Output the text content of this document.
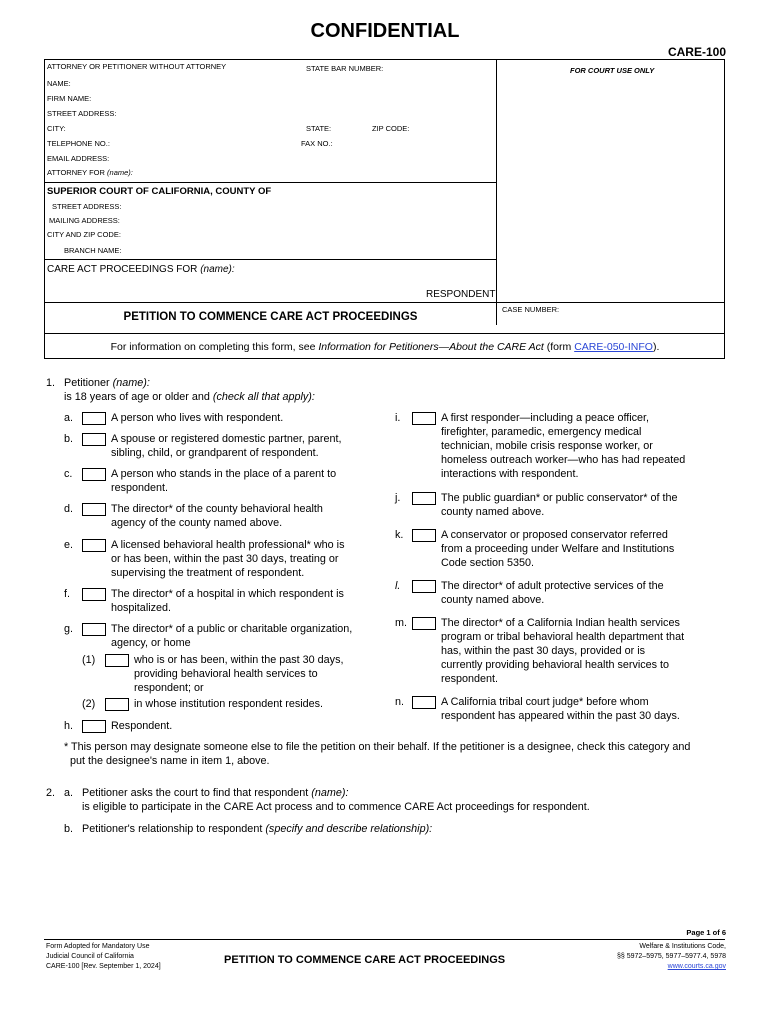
CONFIDENTIAL
CARE-100
ATTORNEY OR PETITIONER WITHOUT ATTORNEY	STATE BAR NUMBER:	FOR COURT USE ONLY
NAME:
FIRM NAME:
STREET ADDRESS:
CITY:	STATE:	ZIP CODE:
TELEPHONE NO.:	FAX NO.:
EMAIL ADDRESS:
ATTORNEY FOR (name):
SUPERIOR COURT OF CALIFORNIA, COUNTY OF
STREET ADDRESS:
MAILING ADDRESS:
CITY AND ZIP CODE:
BRANCH NAME:
CARE ACT PROCEEDINGS FOR (name):
RESPONDENT
PETITION TO COMMENCE CARE ACT PROCEEDINGS
CASE NUMBER:
For information on completing this form, see Information for Petitioners—About the CARE Act (form CARE-050-INFO).
1. Petitioner (name):
is 18 years of age or older and (check all that apply):
a.	A person who lives with respondent.
b.	A spouse or registered domestic partner, parent,
sibling, child, or grandparent of respondent.
c.	A person who stands in the place of a parent to
respondent.
d.	The director* of the county behavioral health
agency of the county named above.
e.	A licensed behavioral health professional* who is
or has been, within the past 30 days, treating or
supervising the treatment of respondent.
f.	The director* of a hospital in which respondent is
hospitalized.
g.	The director* of a public or charitable organization,
agency, or home
h.	Respondent.
(1)	who is or has been, within the past 30 days,
providing behavioral health services to
respondent; or
(2)	in whose institution respondent resides.
i.	A first responder—including a peace officer,
firefighter, paramedic, emergency medical
technician, mobile crisis response worker, or
homeless outreach worker—who has had repeated
interactions with respondent.
j.	The public guardian* or public conservator* of the
county named above.
k.	A conservator or proposed conservator referred
from a proceeding under Welfare and Institutions
Code section 5350.
l.	The director* of adult protective services of the
county named above.
m.	The director* of a California Indian health services
program or tribal behavioral health department that
has, within the past 30 days, provided or is
currently providing behavioral health services to
respondent.
n.	A California tribal court judge* before whom
respondent has appeared within the past 30 days.
* This person may designate someone else to file the petition on their behalf. If the petitioner is a designee, check this category and
put the designee's name in item 1, above.
2. a. Petitioner asks the court to find that respondent (name):
is eligible to participate in the CARE Act process and to commence CARE Act proceedings for respondent.
b. Petitioner's relationship to respondent (specify and describe relationship):
Page 1 of 6
Form Adopted for Mandatory Use
Judicial Council of California
CARE-100 [Rev. September 1, 2024]
PETITION TO COMMENCE CARE ACT PROCEEDINGS
Welfare & Institutions Code,
§§ 5972–5975, 5977–5977.4, 5978
www.courts.ca.gov
